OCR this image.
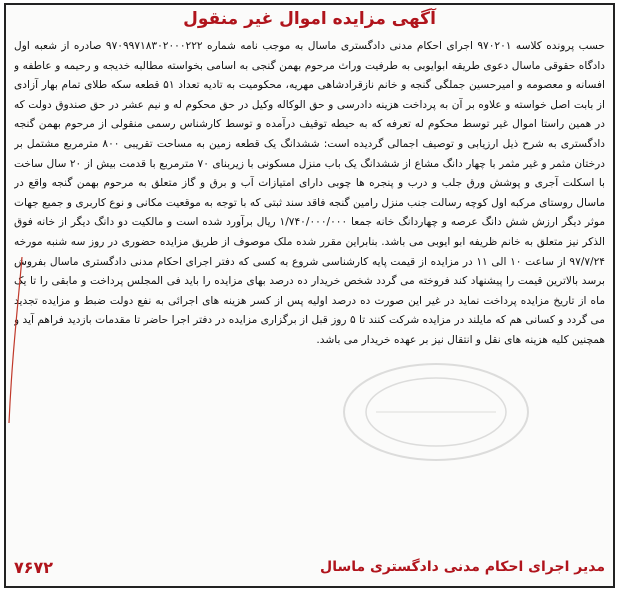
آگهی مزایده اموال غیر منقول
حسب پرونده کلاسه ۹۷۰۲۰۱ اجرای احکام مدنی دادگستری ماسال به موجب نامه شماره ۹۷۰۹۹۷۱۸۳۰۲۰۰۰۲۲۲ صادره از شعبه اول دادگاه حقوقی ماسال دعوی طریقه ابوایوبی به طرفیت وراث مرحوم بهمن گنجی به اسامی بخواسته مطالبه خدیجه و رحیمه و عاطفه و افسانه و معصومه و امیرحسین جملگی گنجه و خانم نازقرادشاهی مهریه، محکومیت به تادیه تعداد ۵۱ قطعه سکه طلای تمام بهار آزادی از بابت اصل خواسته و علاوه بر آن به پرداخت هزینه دادرسی و حق الوکاله وکیل در حق محکوم له و نیم عشر در حق صندوق دولت که در همین راستا اموال غیر توسط محکوم له تعرفه که به حیطه توقیف درآمده و توسط کارشناس رسمی منقولی از مرحوم بهمن گنجه دادگستری به شرح ذیل ارزیابی و توصیف اجمالی گردیده است: ششدانگ یک قطعه زمین به مساحت تقریبی ۸۰۰ مترمربع مشتمل بر درختان مثمر و غیر مثمر با چهار دانگ مشاع از ششدانگ یک باب منزل مسکونی با زیربنای ۷۰ مترمربع با قدمت بیش از ۲۰ سال ساخت با اسکلت آجری و پوشش ورق جلب و درب و پنجره ها چوبی دارای امتیازات آب و برق و گاز متعلق به مرحوم بهمن گنجه واقع در ماسال روستای مرکبه اول کوچه رسالت جنب منزل رامین گنجه فاقد سند ثبتی که با توجه به موقعیت مکانی و نوع کاربری و جمیع جهات موثر دیگر ارزش شش دانگ عرصه و چهاردانگ خانه جمعا ۱/۷۴۰/۰۰۰/۰۰۰ ریال برآورد شده است و مالکیت دو دانگ دیگر از خانه فوق الذکر نیز متعلق به خانم ظریفه ابو ایوبی می باشد. بنابراین مقرر شده ملک موصوف از طریق مزایده حضوری در روز سه شنبه مورخه ۹۷/۷/۲۴ از ساعت ۱۰ الی ۱۱ در مزایده از قیمت پایه کارشناسی شروع به کسی که دفتر اجرای احکام مدنی دادگستری ماسال بفروش برسد بالاترین قیمت را پیشنهاد کند فروخته می گردد شخص خریدار ده درصد بهای مزایده را باید فی المجلس پرداخت و مابقی را تا یک ماه از تاریخ مزایده پرداخت نماید در غیر این صورت ده درصد اولیه پس از کسر هزینه های اجرائی به نفع دولت ضبط و مزایده تجدید می گردد و کسانی هم که مایلند در مزایده شرکت کنند تا ۵ روز قبل از برگزاری مزایده در دفتر اجرا حاضر تا مقدمات بازدید فراهم آید و همچنین کلیه هزینه های نقل و انتقال نیز بر عهده خریدار می باشد.
مدیر اجرای احکام مدنی دادگستری ماسال
۷۶۷۲
